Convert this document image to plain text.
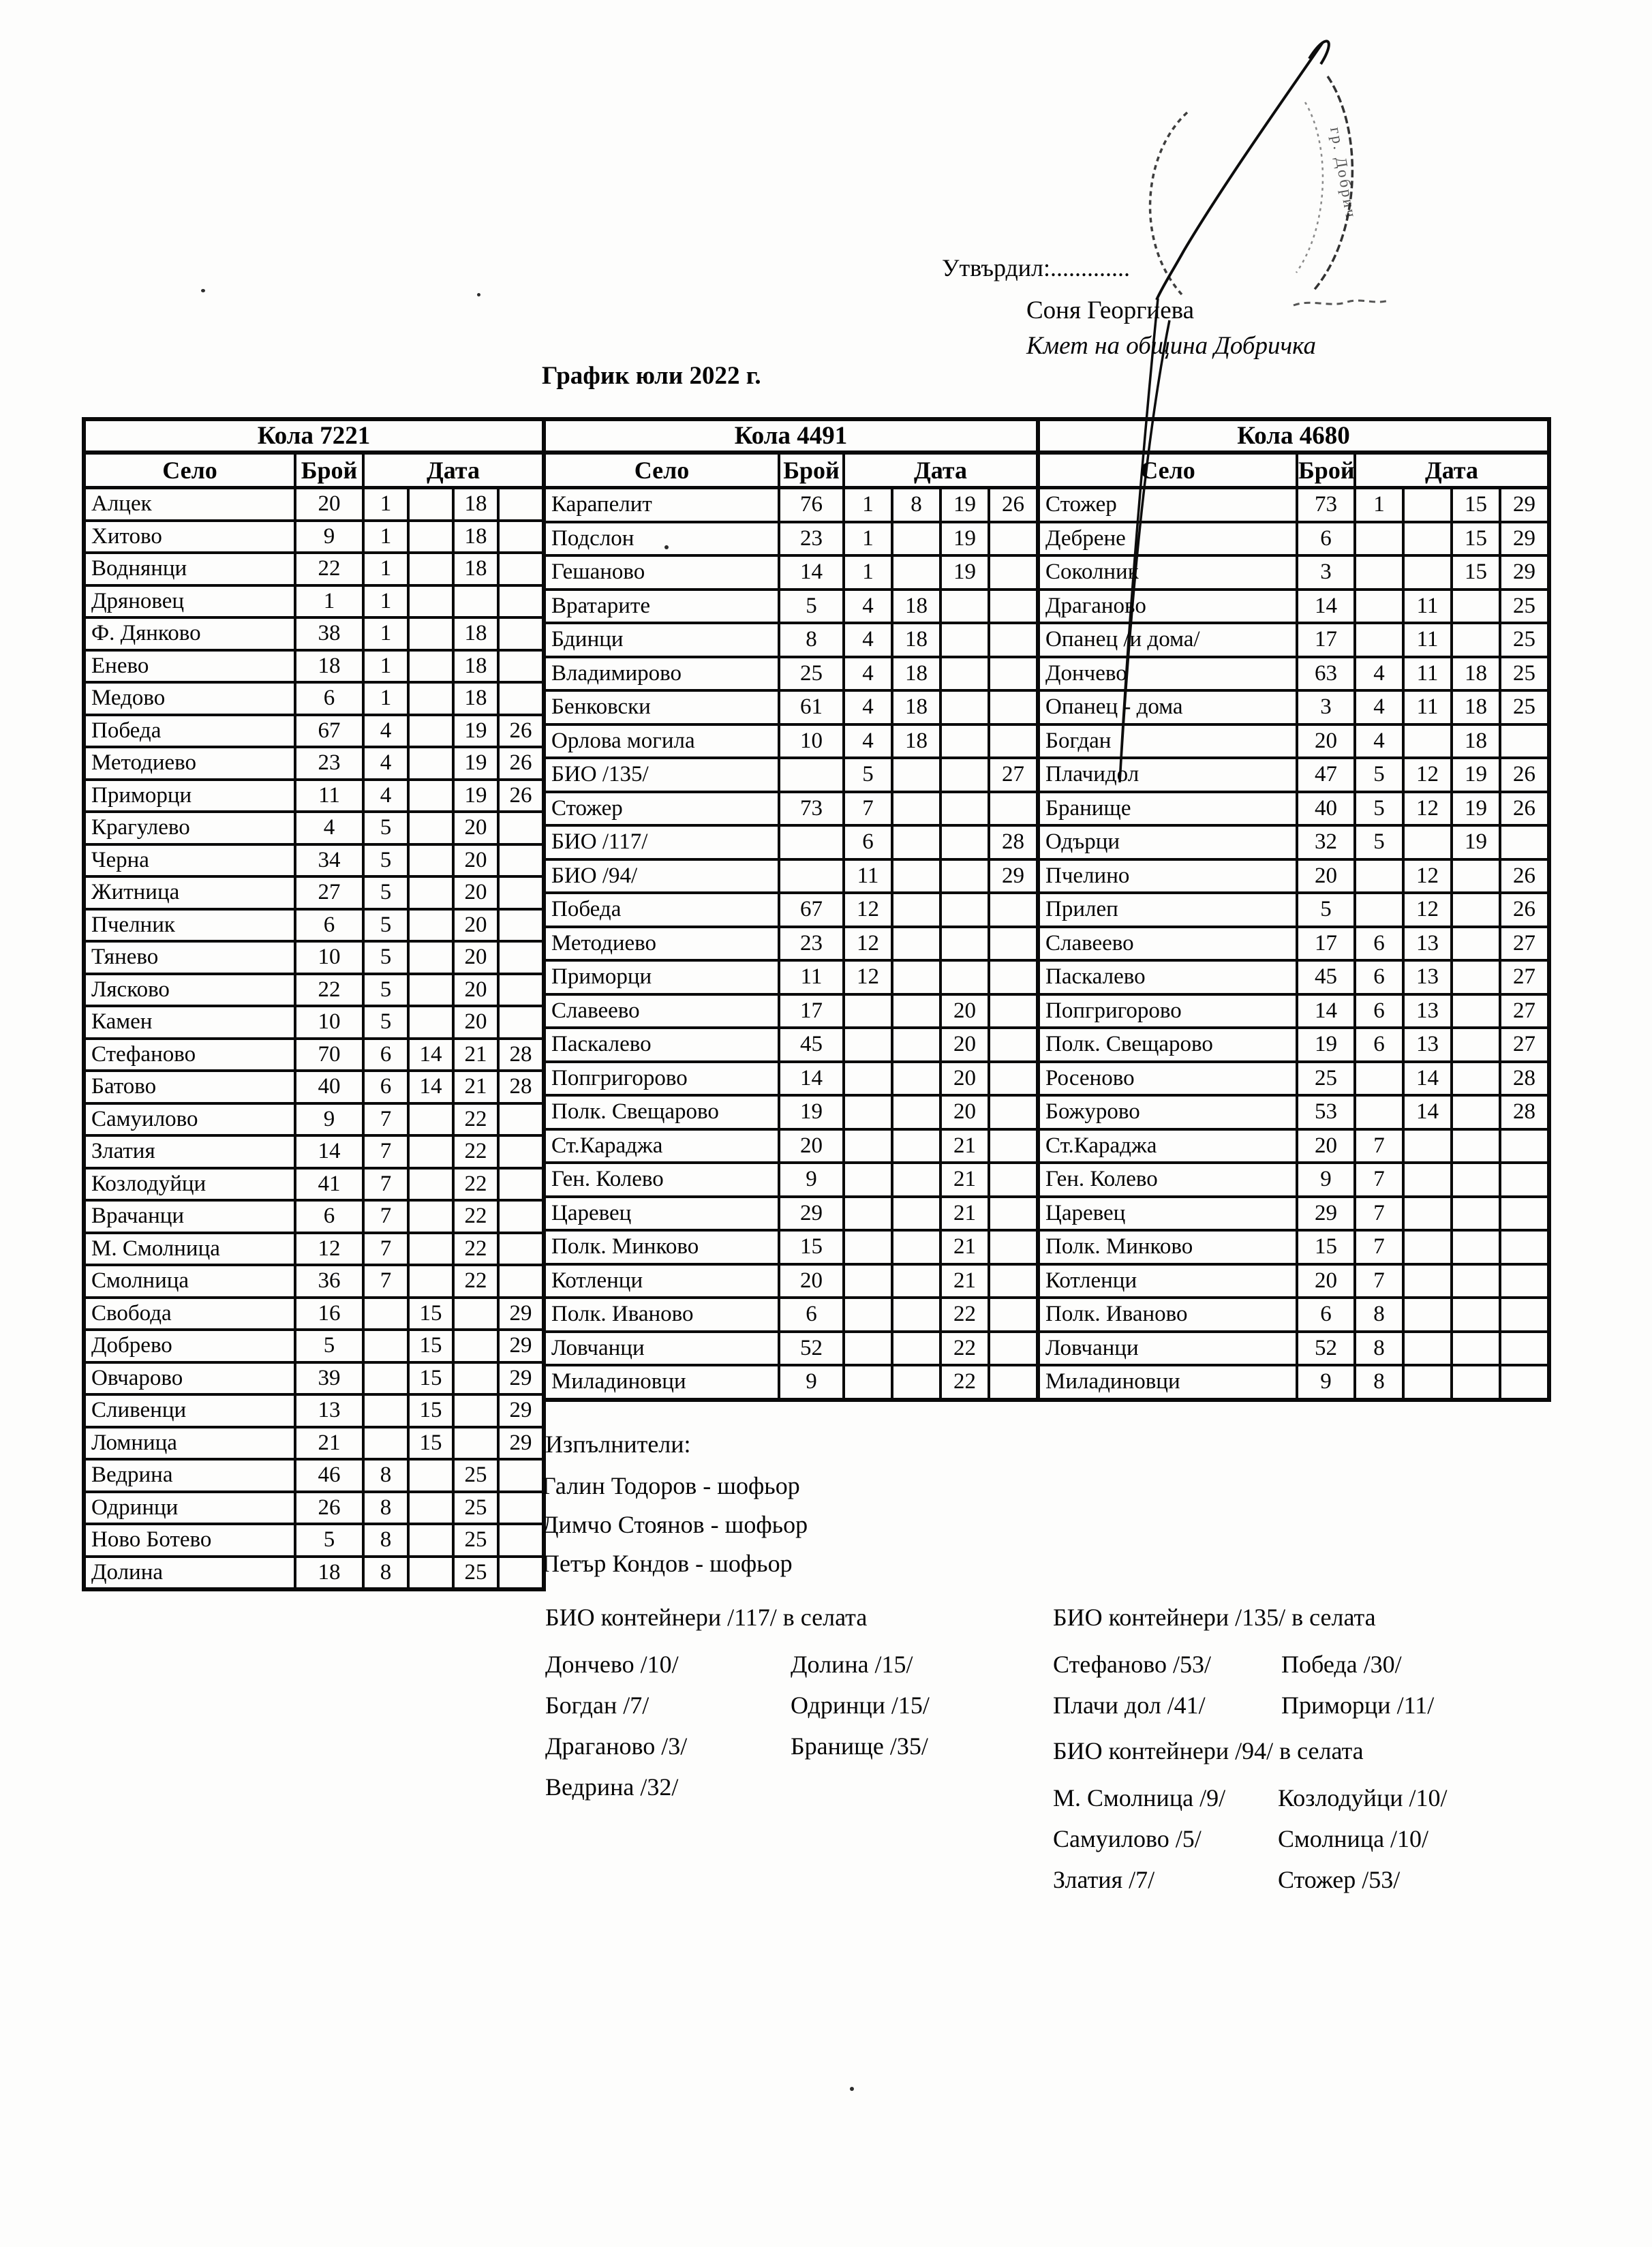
гр. Добрич
Утвърдил:.............
Соня Георгиева
Кмет на община Добричка
График юли 2022 г.
Кола 7221					
Село	Брой	Дата			
Алцек	20	1		18	
Хитово	9	1		18	
Воднянци	22	1		18	
Дряновец	1	1			
Ф. Дянково	38	1		18	
Енево	18	1		18	
Медово	6	1		18	
Победа	67	4		19	26
Методиево	23	4		19	26
Приморци	11	4		19	26
Крагулево	4	5		20	
Черна	34	5		20	
Житница	27	5		20	
Пчелник	6	5		20	
Тянево	10	5		20	
Лясково	22	5		20	
Камен	10	5		20	
Стефаново	70	6	14	21	28
Батово	40	6	14	21	28
Самуилово	9	7		22	
Златия	14	7		22	
Козлодуйци	41	7		22	
Врачанци	6	7		22	
М. Смолница	12	7		22	
Смолница	36	7		22	
Свобода	16		15		29
Добрево	5		15		29
Овчарово	39		15		29
Сливенци	13		15		29
Ломница	21		15		29
Ведрина	46	8		25	
Одринци	26	8		25	
Ново Ботево	5	8		25	
Долина	18	8		25	
Кола 4491					
Село	Брой	Дата			
Карапелит	76	1	8	19	26
Подслон	23	1		19	
Гешаново	14	1		19	
Вратарите	5	4	18		
Бдинци	8	4	18		
Владимирово	25	4	18		
Бенковски	61	4	18		
Орлова могила	10	4	18		
БИО /135/		5			27
Стожер	73	7			
БИО /117/		6			28
БИО /94/		11			29
Победа	67	12			
Методиево	23	12			
Приморци	11	12			
Славеево	17			20	
Паскалево	45			20	
Попгригорово	14			20	
Полк. Свещарово	19			20	
Ст.Караджа	20			21	
Ген. Колево	9			21	
Царевец	29			21	
Полк. Минково	15			21	
Котленци	20			21	
Полк. Иваново	6			22	
Ловчанци	52			22	
Миладиновци	9			22	
Кола 4680					
Село	Брой	Дата			
Стожер	73	1		15	29
Дебрене	6			15	29
Соколник	3			15	29
Драганово	14		11		25
Опанец /и дома/	17		11		25
Дончево	63	4	11	18	25
Опанец - дома	3	4	11	18	25
Богдан	20	4		18	
Плачидол	47	5	12	19	26
Бранище	40	5	12	19	26
Одърци	32	5		19	
Пчелино	20		12		26
Прилеп	5		12		26
Славеево	17	6	13		27
Паскалево	45	6	13		27
Попгригорово	14	6	13		27
Полк. Свещарово	19	6	13		27
Росеново	25		14		28
Божурово	53		14		28
Ст.Караджа	20	7			
Ген. Колево	9	7			
Царевец	29	7			
Полк. Минково	15	7			
Котленци	20	7			
Полк. Иваново	6	8			
Ловчанци	52	8			
Миладиновци	9	8			
Изпълнители:
Галин Тодоров - шофьор
Димчо Стоянов - шофьор
Петър Кондов - шофьор
БИО контейнери /117/ в селата
Дончево /10/
Богдан /7/
Драганово /3/
Ведрина /32/
Долина /15/
Одринци /15/
Бранище /35/
БИО контейнери /135/ в селата
Стефаново /53/
Плачи дол /41/
Победа /30/
Приморци /11/
БИО контейнери /94/ в селата
М. Смолница /9/
Самуилово /5/
Златия /7/
Козлодуйци /10/
Смолница /10/
Стожер /53/
